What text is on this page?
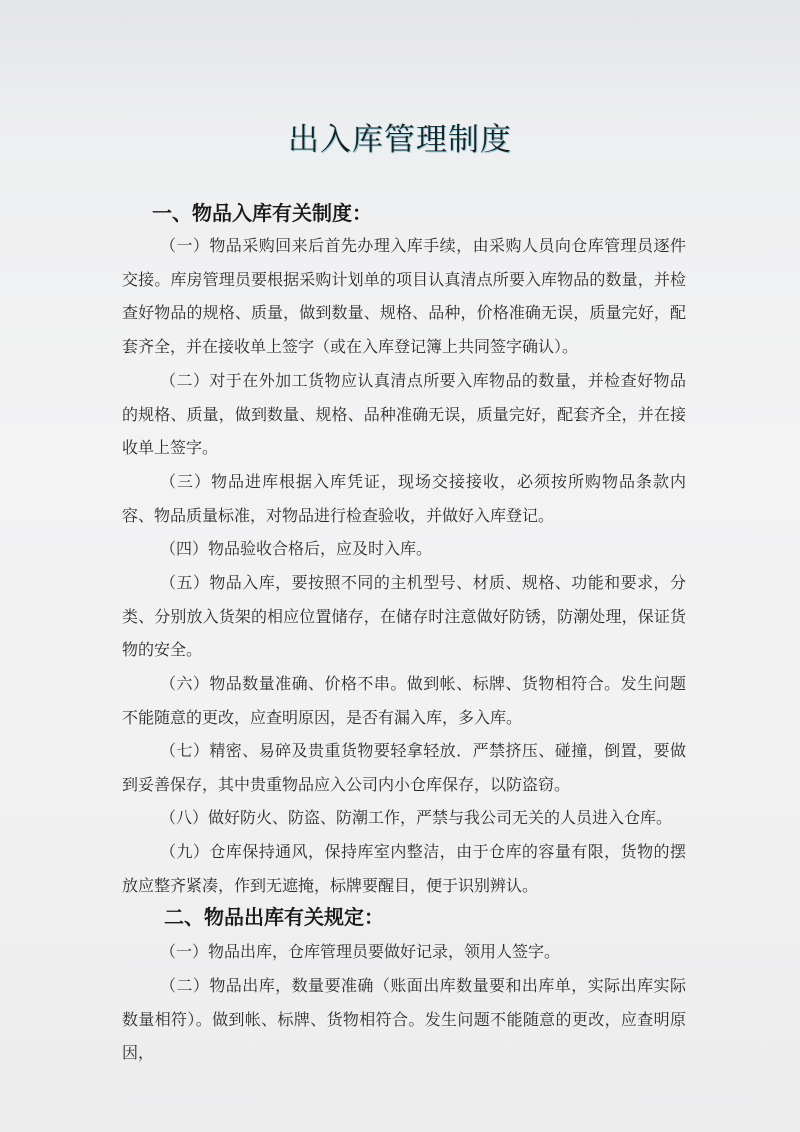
出入库管理制度
一、物品入库有关制度：

（一）物品采购回来后首先办理入库手续，由采购人员向仓库管理员逐件交接。库房管理员要根据采购计划单的项目认真清点所要入库物品的数量，并检查好物品的规格、质量，做到数量、规格、品种，价格准确无误，质量完好，配套齐全，并在接收单上签字（或在入库登记簿上共同签字确认）。

（二）对于在外加工货物应认真清点所要入库物品的数量，并检查好物品的规格、质量，做到数量、规格、品种准确无误，质量完好，配套齐全，并在接收单上签字。

（三）物品进库根据入库凭证，现场交接接收，必须按所购物品条款内容、物品质量标准，对物品进行检查验收，并做好入库登记。

（四）物品验收合格后，应及时入库。

（五）物品入库，要按照不同的主机型号、材质、规格、功能和要求，分类、分别放入货架的相应位置储存，在储存时注意做好防锈，防潮处理，保证货物的安全。

（六）物品数量准确、价格不串。做到帐、标牌、货物相符合。发生问题不能随意的更改，应查明原因，是否有漏入库，多入库。

（七）精密、易碎及贵重货物要轻拿轻放．严禁挤压、碰撞，倒置，要做到妥善保存，其中贵重物品应入公司内小仓库保存，以防盗窃。

（八）做好防火、防盗、防潮工作，严禁与我公司无关的人员进入仓库。

（九）仓库保持通风，保持库室内整洁，由于仓库的容量有限，货物的摆放应整齐紧凑，作到无遮掩，标牌要醒目，便于识别辨认。

二、物品出库有关规定：

（一）物品出库，仓库管理员要做好记录，领用人签字。

（二）物品出库，数量要准确（账面出库数量要和出库单，实际出库实际数量相符）。做到帐、标牌、货物相符合。发生问题不能随意的更改，应查明原因，
